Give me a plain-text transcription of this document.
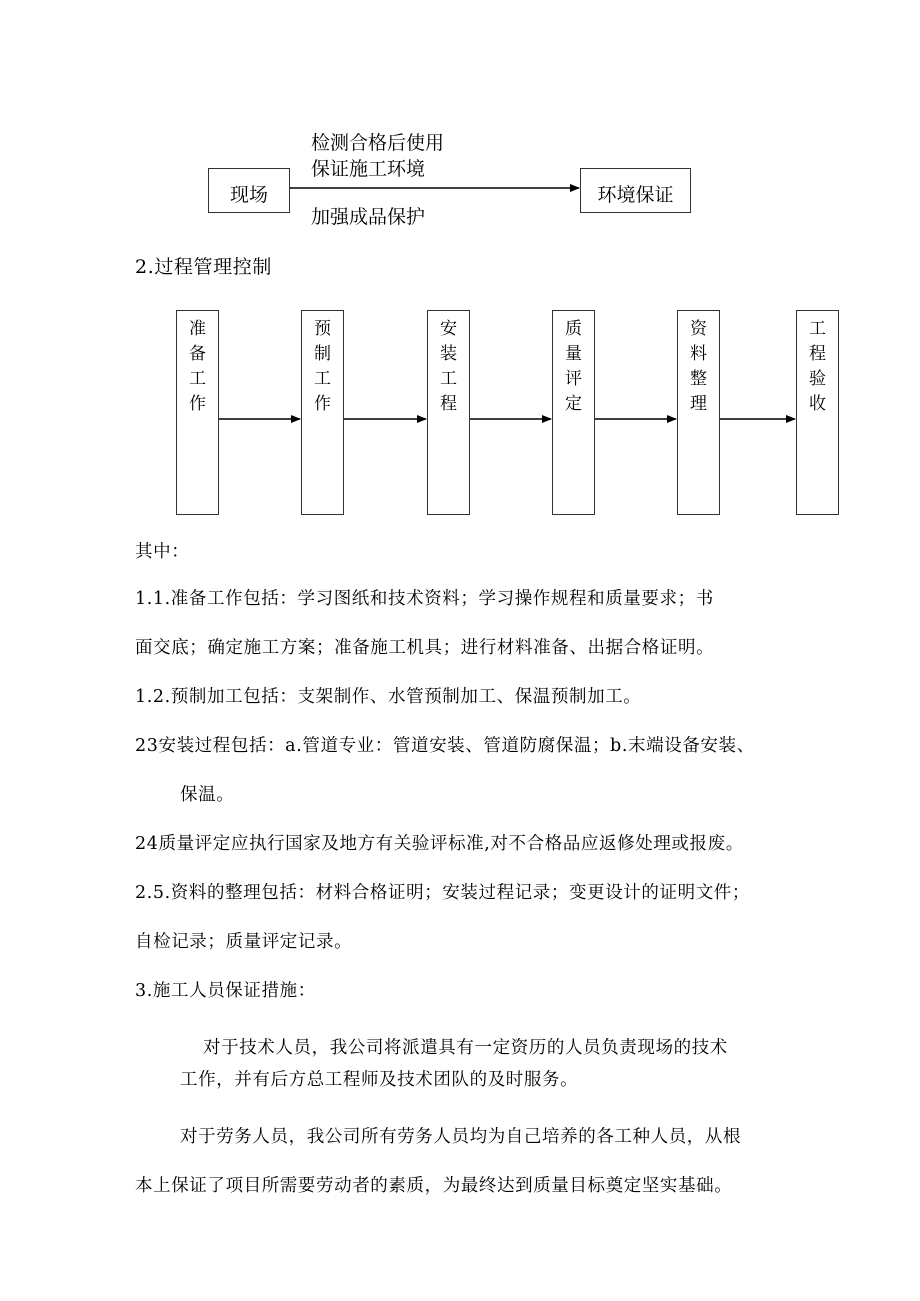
现场
检测合格后使用
保证施工环境
加强成品保护
环境保证
2.过程管理控制
准
备
工
作
预
制
工
作
安
装
工
程
质
量
评
定
资
料
整
理
工
程
验
收
其中：
1.1.准备工作包括：学习图纸和技术资料；学习操作规程和质量要求；书
面交底；确定施工方案；准备施工机具；进行材料准备、出据合格证明。
1.2.预制加工包括：支架制作、水管预制加工、保温预制加工。
23安装过程包括：a.管道专业：管道安装、管道防腐保温；b.末端设备安装、
保温。
24质量评定应执行国家及地方有关验评标准,对不合格品应返修处理或报废。
2.5.资料的整理包括：材料合格证明；安装过程记录；变更设计的证明文件；
自检记录；质量评定记录。
3.施工人员保证措施：
对于技术人员，我公司将派遣具有一定资历的人员负责现场的技术
工作，并有后方总工程师及技术团队的及时服务。
对于劳务人员，我公司所有劳务人员均为自己培养的各工种人员，从根
本上保证了项目所需要劳动者的素质，为最终达到质量目标奠定坚实基础。
